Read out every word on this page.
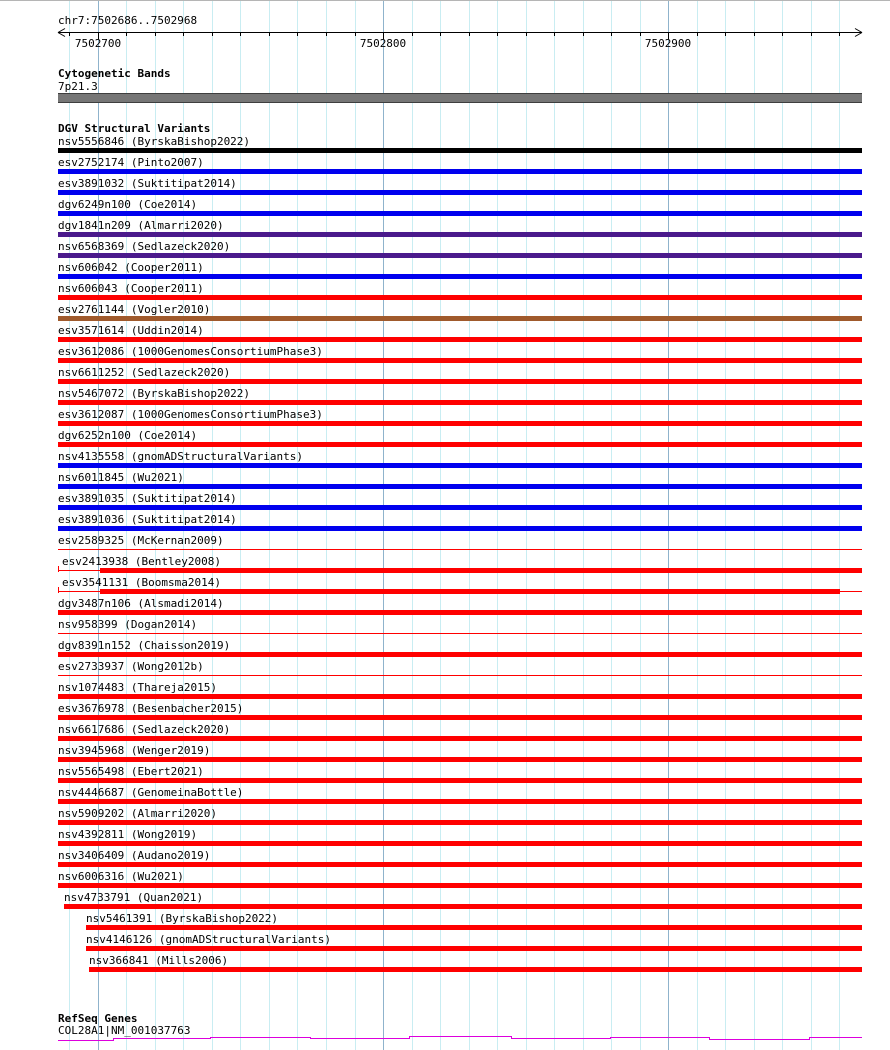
chr7:7502686..7502968
7502700	7502800	7502900
Cytogenetic Bands
7p21.3
DGV Structural Variants
nsv5556846 (ByrskaBishop2022)
esv2752174 (Pinto2007)
esv3891032 (Suktitipat2014)
dgv6249n100 (Coe2014)
dgv1841n209 (Almarri2020)
nsv6568369 (Sedlazeck2020)
nsv606042 (Cooper2011)
nsv606043 (Cooper2011)
esv2761144 (Vogler2010)
esv3571614 (Uddin2014)
esv3612086 (1000GenomesConsortiumPhase3)
nsv6611252 (Sedlazeck2020)
nsv5467072 (ByrskaBishop2022)
esv3612087 (1000GenomesConsortiumPhase3)
dgv6252n100 (Coe2014)
nsv4135558 (gnomADStructuralVariants)
nsv6011845 (Wu2021)
esv3891035 (Suktitipat2014)
esv3891036 (Suktitipat2014)
esv2589325 (McKernan2009)
esv2413938 (Bentley2008)
esv3541131 (Boomsma2014)
dgv3487n106 (Alsmadi2014)
nsv958399 (Dogan2014)
dgv8391n152 (Chaisson2019)
esv2733937 (Wong2012b)
nsv1074483 (Thareja2015)
esv3676978 (Besenbacher2015)
nsv6617686 (Sedlazeck2020)
nsv3945968 (Wenger2019)
nsv5565498 (Ebert2021)
nsv4446687 (GenomeinaBottle)
nsv5909202 (Almarri2020)
nsv4392811 (Wong2019)
nsv3406409 (Audano2019)
nsv6006316 (Wu2021)
nsv4733791 (Quan2021)
nsv5461391 (ByrskaBishop2022)
nsv4146126 (gnomADStructuralVariants)
nsv366841 (Mills2006)
RefSeq Genes
COL28A1|NM_001037763
